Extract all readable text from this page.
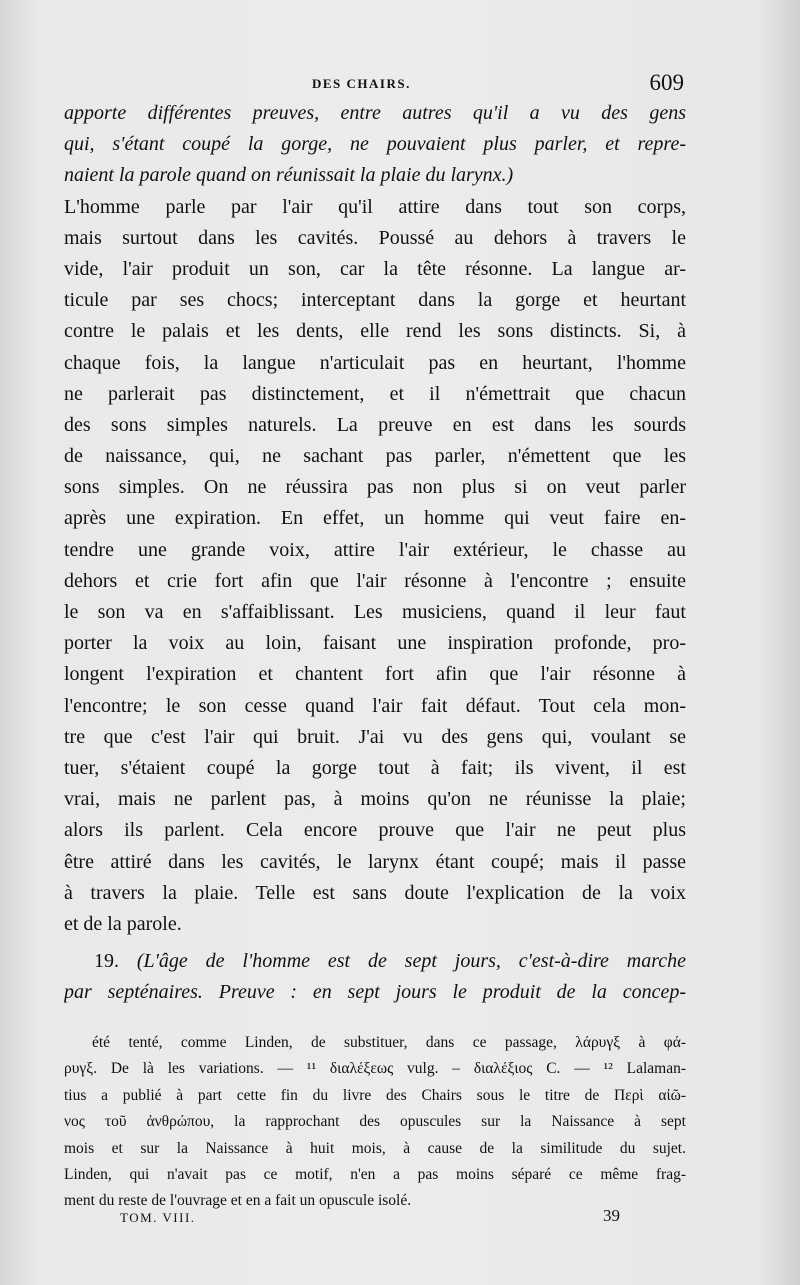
DES CHAIRS.	609
apporte différentes preuves, entre autres qu'il a vu des gens
qui, s'étant coupé la gorge, ne pouvaient plus parler, et repre-
naient la parole quand on réunissait la plaie du larynx.)
L'homme parle par l'air qu'il attire dans tout son corps,
mais surtout dans les cavités. Poussé au dehors à travers le
vide, l'air produit un son, car la tête résonne. La langue ar-
ticule par ses chocs; interceptant dans la gorge et heurtant
contre le palais et les dents, elle rend les sons distincts. Si, à
chaque fois, la langue n'articulait pas en heurtant, l'homme
ne parlerait pas distinctement, et il n'émettrait que chacun
des sons simples naturels. La preuve en est dans les sourds
de naissance, qui, ne sachant pas parler, n'émettent que les
sons simples. On ne réussira pas non plus si on veut parler
après une expiration. En effet, un homme qui veut faire en-
tendre une grande voix, attire l'air extérieur, le chasse au
dehors et crie fort afin que l'air résonne à l'encontre ; ensuite
le son va en s'affaiblissant. Les musiciens, quand il leur faut
porter la voix au loin, faisant une inspiration profonde, pro-
longent l'expiration et chantent fort afin que l'air résonne à
l'encontre; le son cesse quand l'air fait défaut. Tout cela mon-
tre que c'est l'air qui bruit. J'ai vu des gens qui, voulant se
tuer, s'étaient coupé la gorge tout à fait; ils vivent, il est
vrai, mais ne parlent pas, à moins qu'on ne réunisse la plaie;
alors ils parlent. Cela encore prouve que l'air ne peut plus
être attiré dans les cavités, le larynx étant coupé; mais il passe
à travers la plaie. Telle est sans doute l'explication de la voix
et de la parole.
19. (L'âge de l'homme est de sept jours, c'est-à-dire marche
par septénaires. Preuve : en sept jours le produit de la concep-
été tenté, comme Linden, de substituer, dans ce passage, λάρυγξ à φά-
ρυγξ. De là les variations. — ¹¹ διαλέξεως vulg. – διαλέξιος C. — ¹² Lalaman-
tius a publié à part cette fin du livre des Chairs sous le titre de Περὶ αἰῶ-
νος τοῦ ἀνθρώπου, la rapprochant des opuscules sur la Naissance à sept
mois et sur la Naissance à huit mois, à cause de la similitude du sujet.
Linden, qui n'avait pas ce motif, n'en a pas moins séparé ce même frag-
ment du reste de l'ouvrage et en a fait un opuscule isolé.
TOM. VIII.	39
